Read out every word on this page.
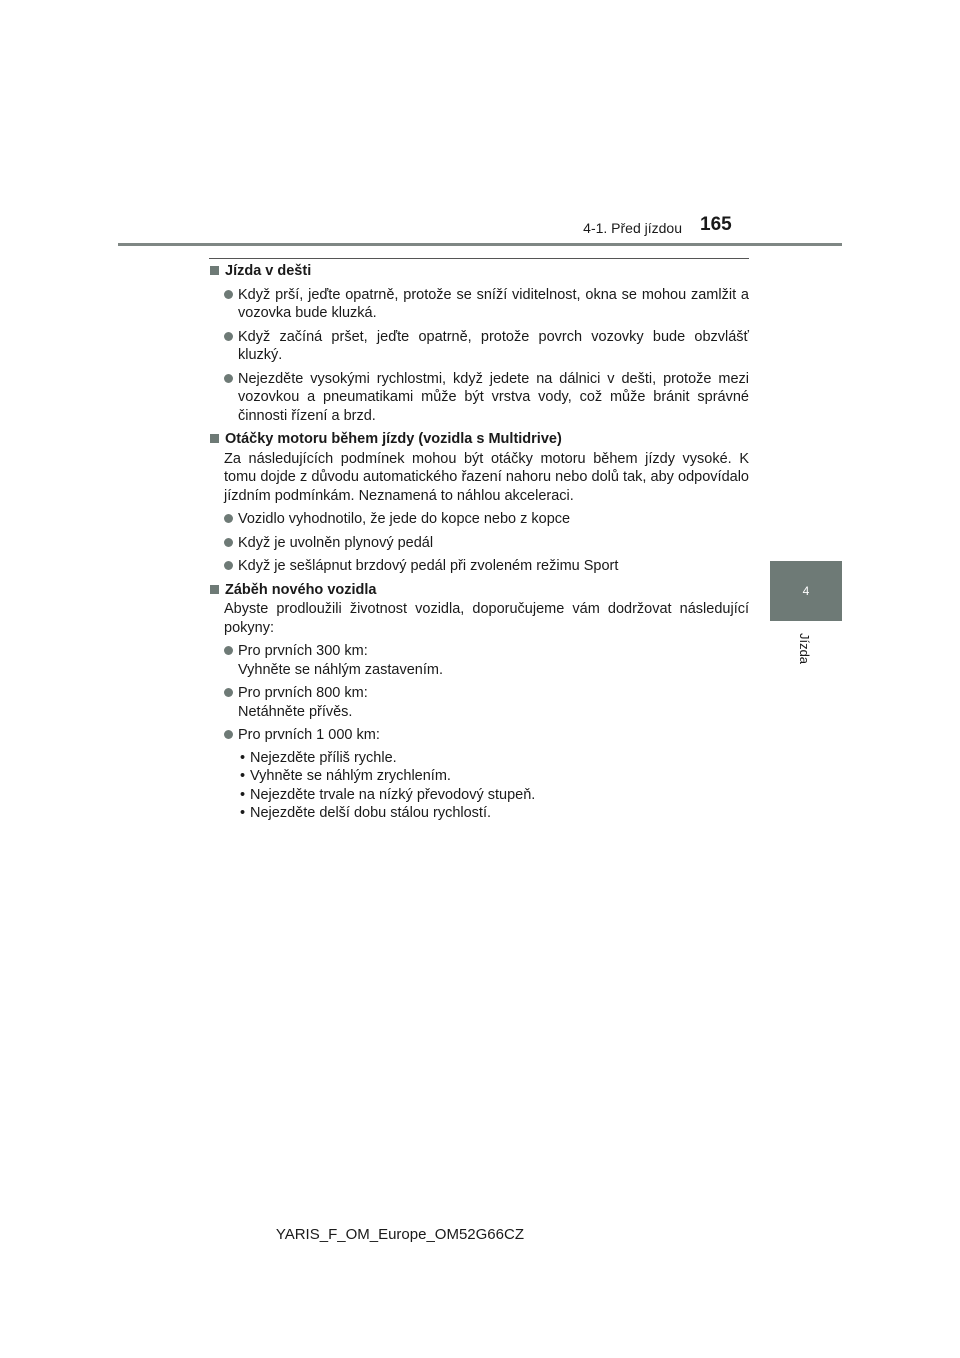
4-1. Před jízdou 165
4
Jízda
Jízda v dešti
Když prší, jeďte opatrně, protože se sníží viditelnost, okna se mohou zamlžit a vozovka bude kluzká.
Když začíná pršet, jeďte opatrně, protože povrch vozovky bude obzvlášť kluzký.
Nejezděte vysokými rychlostmi, když jedete na dálnici v dešti, protože mezi vozovkou a pneumatikami může být vrstva vody, což může bránit správné činnosti řízení a brzd.
Otáčky motoru během jízdy (vozidla s Multidrive)
Za následujících podmínek mohou být otáčky motoru během jízdy vysoké. K tomu dojde z důvodu automatického řazení nahoru nebo dolů tak, aby odpovídalo jízdním podmínkám. Neznamená to náhlou akceleraci.
Vozidlo vyhodnotilo, že jede do kopce nebo z kopce
Když je uvolněn plynový pedál
Když je sešlápnut brzdový pedál při zvoleném režimu Sport
Záběh nového vozidla
Abyste prodloužili životnost vozidla, doporučujeme vám dodržovat následující pokyny:
Pro prvních 300 km:
Vyhněte se náhlým zastavením.
Pro prvních 800 km:
Netáhněte přívěs.
Pro prvních 1 000 km:
• Nejezděte příliš rychle.
• Vyhněte se náhlým zrychlením.
• Nejezděte trvale na nízký převodový stupeň.
• Nejezděte delší dobu stálou rychlostí.
YARIS_F_OM_Europe_OM52G66CZ
